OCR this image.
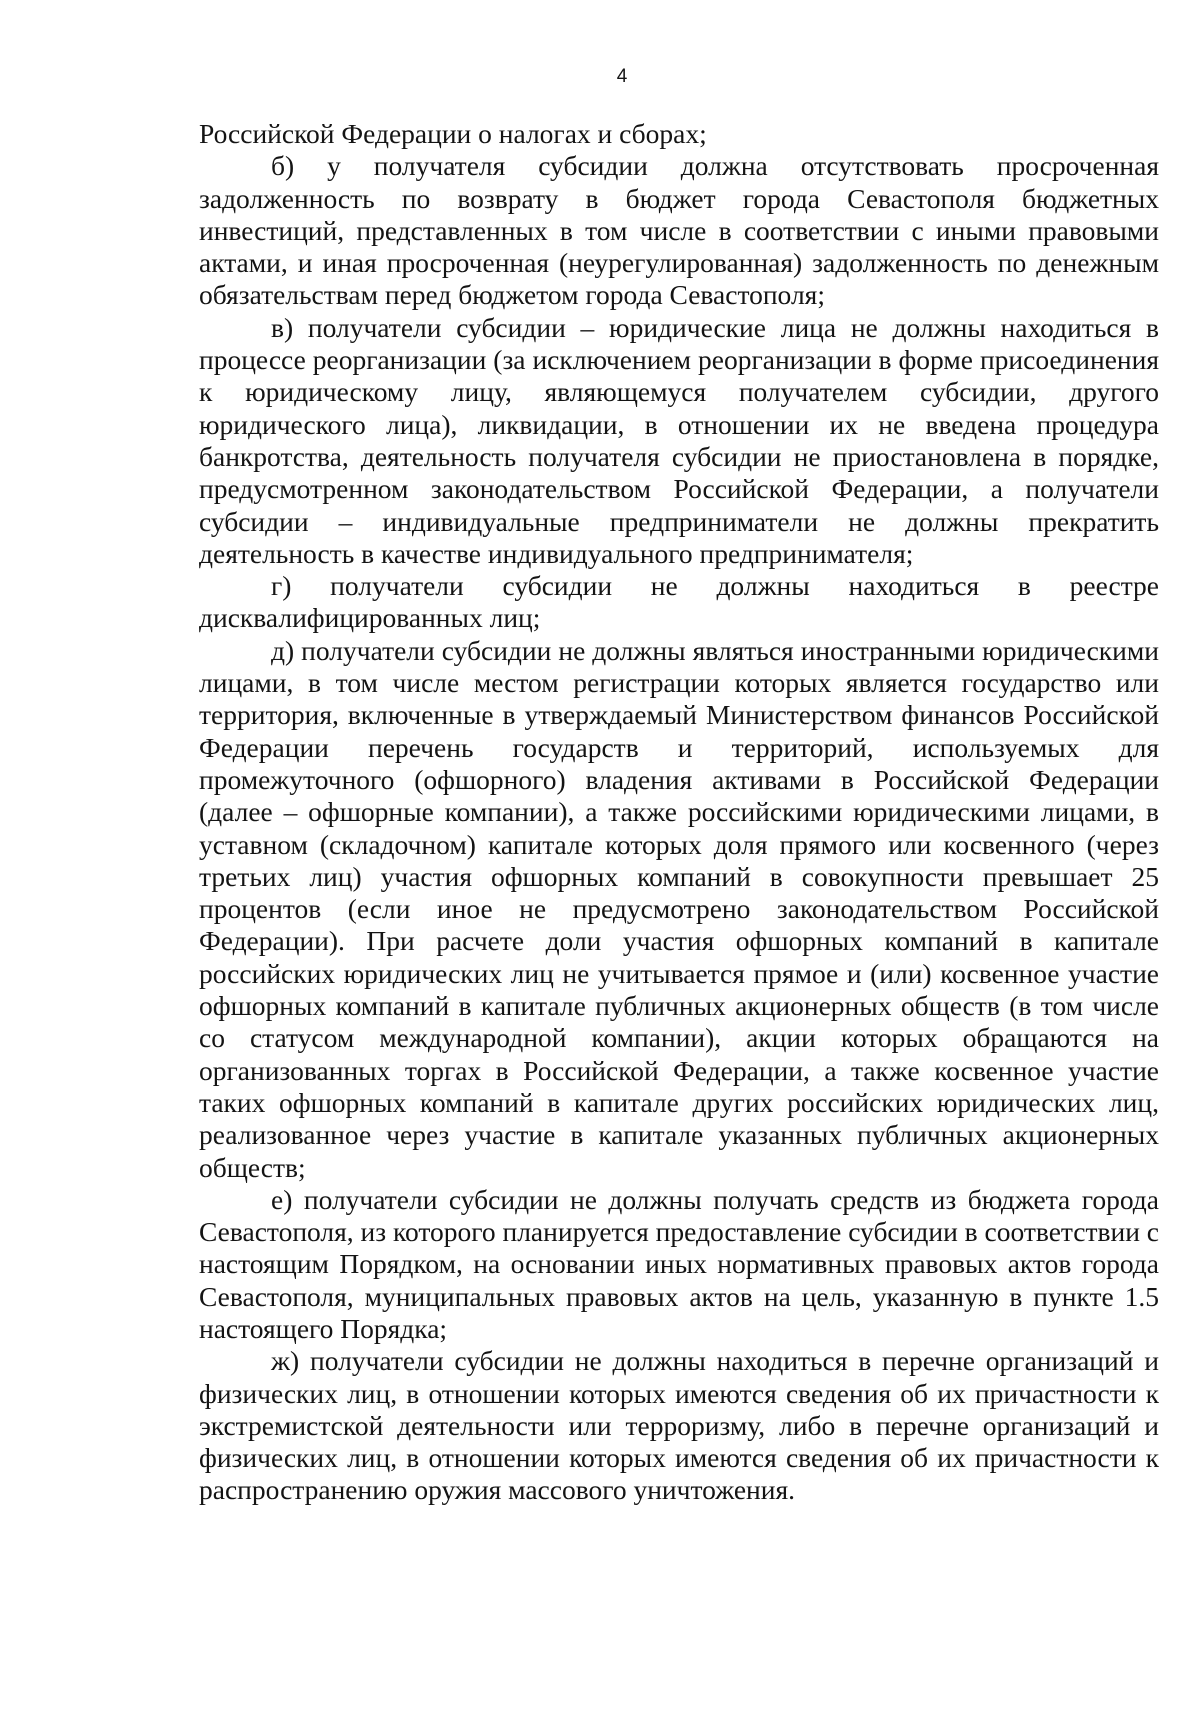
4

Российской Федерации о налогах и сборах;

б) у получателя субсидии должна отсутствовать просроченная задолженность по возврату в бюджет города Севастополя бюджетных инвестиций, представленных в том числе в соответствии с иными правовыми актами, и иная просроченная (неурегулированная) задолженность по денежным обязательствам перед бюджетом города Севастополя;

в) получатели субсидии – юридические лица не должны находиться в процессе реорганизации (за исключением реорганизации в форме присоединения к юридическому лицу, являющемуся получателем субсидии, другого юридического лица), ликвидации, в отношении их не введена процедура банкротства, деятельность получателя субсидии не приостановлена в порядке, предусмотренном законодательством Российской Федерации, а получатели субсидии – индивидуальные предприниматели не должны прекратить деятельность в качестве индивидуального предпринимателя;

г) получатели субсидии не должны находиться в реестре дисквалифицированных лиц;

д) получатели субсидии не должны являться иностранными юридическими лицами, в том числе местом регистрации которых является государство или территория, включенные в утверждаемый Министерством финансов Российской Федерации перечень государств и территорий, используемых для промежуточного (офшорного) владения активами в Российской Федерации (далее – офшорные компании), а также российскими юридическими лицами, в уставном (складочном) капитале которых доля прямого или косвенного (через третьих лиц) участия офшорных компаний в совокупности превышает 25 процентов (если иное не предусмотрено законодательством Российской Федерации). При расчете доли участия офшорных компаний в капитале российских юридических лиц не учитывается прямое и (или) косвенное участие офшорных компаний в капитале публичных акционерных обществ (в том числе со статусом международной компании), акции которых обращаются на организованных торгах в Российской Федерации, а также косвенное участие таких офшорных компаний в капитале других российских юридических лиц, реализованное через участие в капитале указанных публичных акционерных обществ;

е) получатели субсидии не должны получать средств из бюджета города Севастополя, из которого планируется предоставление субсидии в соответствии с настоящим Порядком, на основании иных нормативных правовых актов города Севастополя, муниципальных правовых актов на цель, указанную в пункте 1.5 настоящего Порядка;

ж) получатели субсидии не должны находиться в перечне организаций и физических лиц, в отношении которых имеются сведения об их причастности к экстремистской деятельности или терроризму, либо в перечне организаций и физических лиц, в отношении которых имеются сведения об их причастности к распространению оружия массового уничтожения.
